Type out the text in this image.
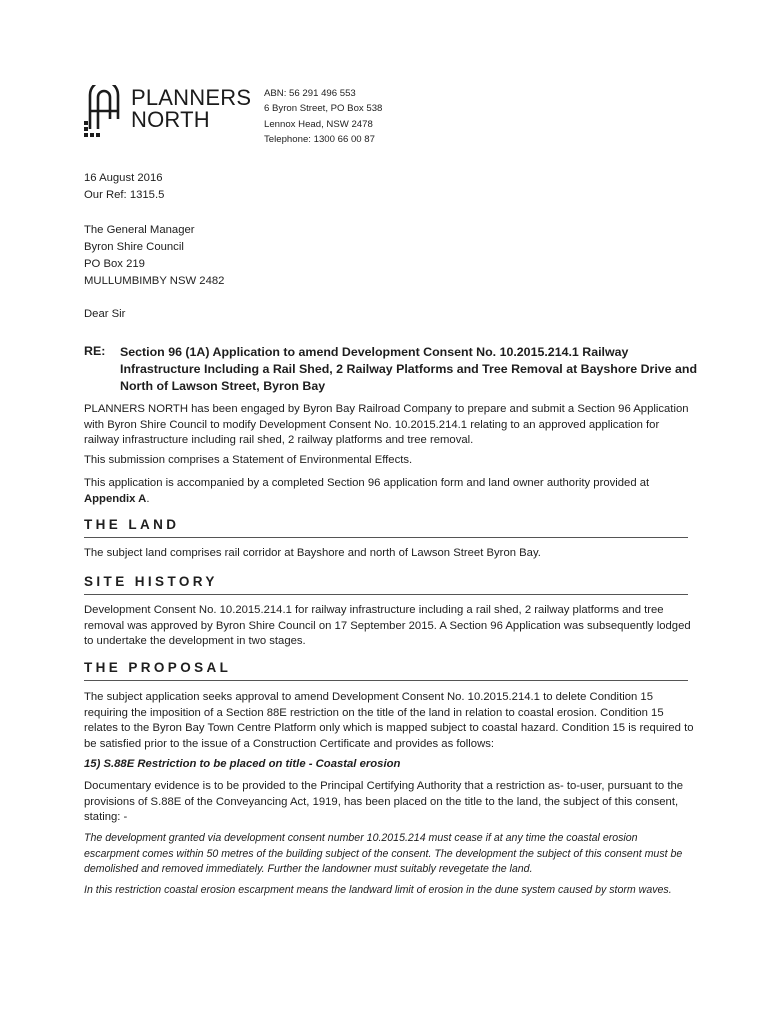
PLANNERS
NORTH
ABN: 56 291 496 553
6 Byron Street, PO Box 538
Lennox Head, NSW 2478
Telephone: 1300 66 00 87
16 August 2016
Our Ref: 1315.5
The General Manager
Byron Shire Council
PO Box 219
MULLUMBIMBY NSW 2482
Dear Sir
RE: Section 96 (1A) Application to amend Development Consent No. 10.2015.214.1 Railway Infrastructure Including a Rail Shed, 2 Railway Platforms and Tree Removal at Bayshore Drive and North of Lawson Street, Byron Bay
PLANNERS NORTH has been engaged by Byron Bay Railroad Company to prepare and submit a Section 96 Application with Byron Shire Council to modify Development Consent No. 10.2015.214.1 relating to an approved application for railway infrastructure including rail shed, 2 railway platforms and tree removal.
This submission comprises a Statement of Environmental Effects.
This application is accompanied by a completed Section 96 application form and land owner authority provided at Appendix A.
THE LAND
The subject land comprises rail corridor at Bayshore and north of Lawson Street Byron Bay.
SITE HISTORY
Development Consent No. 10.2015.214.1 for railway infrastructure including a rail shed, 2 railway platforms and tree removal was approved by Byron Shire Council on 17 September 2015. A Section 96 Application was subsequently lodged to undertake the development in two stages.
THE PROPOSAL
The subject application seeks approval to amend Development Consent No. 10.2015.214.1 to delete Condition 15 requiring the imposition of a Section 88E restriction on the title of the land in relation to coastal erosion. Condition 15 relates to the Byron Bay Town Centre Platform only which is mapped subject to coastal hazard. Condition 15 is required to be satisfied prior to the issue of a Construction Certificate and provides as follows:
15) S.88E Restriction to be placed on title - Coastal erosion
Documentary evidence is to be provided to the Principal Certifying Authority that a restriction as- to-user, pursuant to the provisions of S.88E of the Conveyancing Act, 1919, has been placed on the title to the land, the subject of this consent, stating: -
The development granted via development consent number 10.2015.214 must cease if at any time the coastal erosion escarpment comes within 50 metres of the building subject of the consent. The development the subject of this consent must be demolished and removed immediately. Further the landowner must suitably revegetate the land.
In this restriction coastal erosion escarpment means the landward limit of erosion in the dune system caused by storm waves.
